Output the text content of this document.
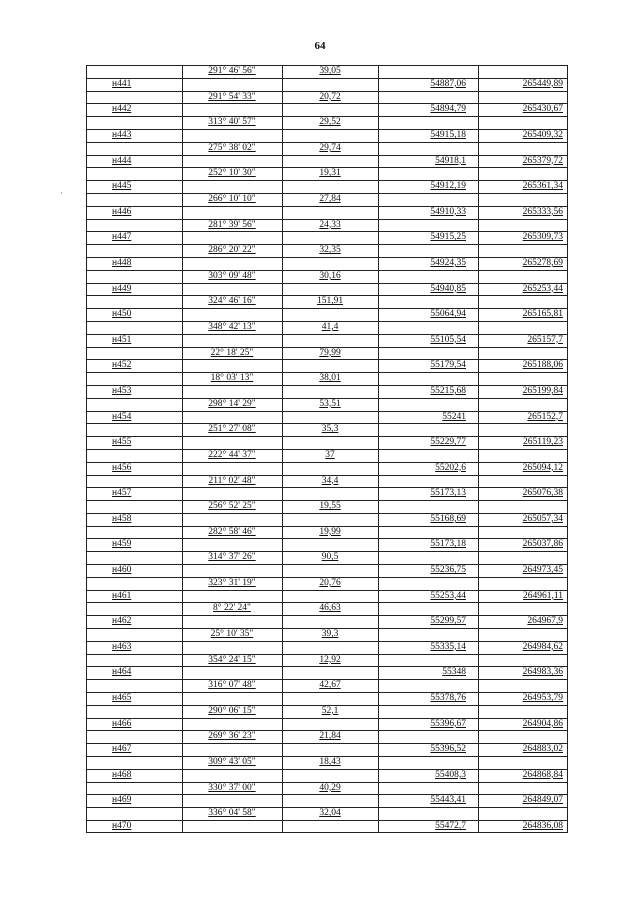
64
·
291° 46' 56"	39,05
н441	54887,06	265449,89
291° 54' 33"	20,72
н442	54894,79	265430,67
313° 40' 57"	29,52
н443	54915,18	265409,32
275° 38' 02"	29,74
н444	54918,1	265379,72
252° 10' 30"	19,31
н445	54912,19	265361,34
266° 10' 10"	27,84
н446	54910,33	265333,56
281° 39' 56"	24,33
н447	54915,25	265309,73
286° 20' 22"	32,35
н448	54924,35	265278,69
303° 09' 48"	30,16
н449	54940,85	265253,44
324° 46' 16"	151,91
н450	55064,94	265165,81
348° 42' 13"	41,4
н451	55105,54	265157,7
22° 18' 25"	79,99
н452	55179,54	265188,06
18° 03' 13"	38,01
н453	55215,68	265199,84
298° 14' 29"	53,51
н454	55241	265152,7
251° 27' 08"	35,3
н455	55229,77	265119,23
222° 44' 37"	37
н456	55202,6	265094,12
211° 02' 48"	34,4
н457	55173,13	265076,38
256° 52' 25"	19,55
н458	55168,69	265057,34
282° 58' 46"	19,99
н459	55173,18	265037,86
314° 37' 26"	90,5
н460	55236,75	264973,45
323° 31' 19"	20,76
н461	55253,44	264961,11
8° 22' 24"	46,63
н462	55299,57	264967,9
25° 10' 35"	39,3
н463	55335,14	264984,62
354° 24' 15"	12,92
н464	55348	264983,36
316° 07' 48"	42,67
н465	55378,76	264953,79
290° 06' 15"	52,1
н466	55396,67	264904,86
269° 36' 23"	21,84
н467	55396,52	264883,02
309° 43' 05"	18,43
н468	55408,3	264868,84
330° 37' 00"	40,29
н469	55443,41	264849,07
336° 04' 58"	32,04
н470	55472,7	264836,08
